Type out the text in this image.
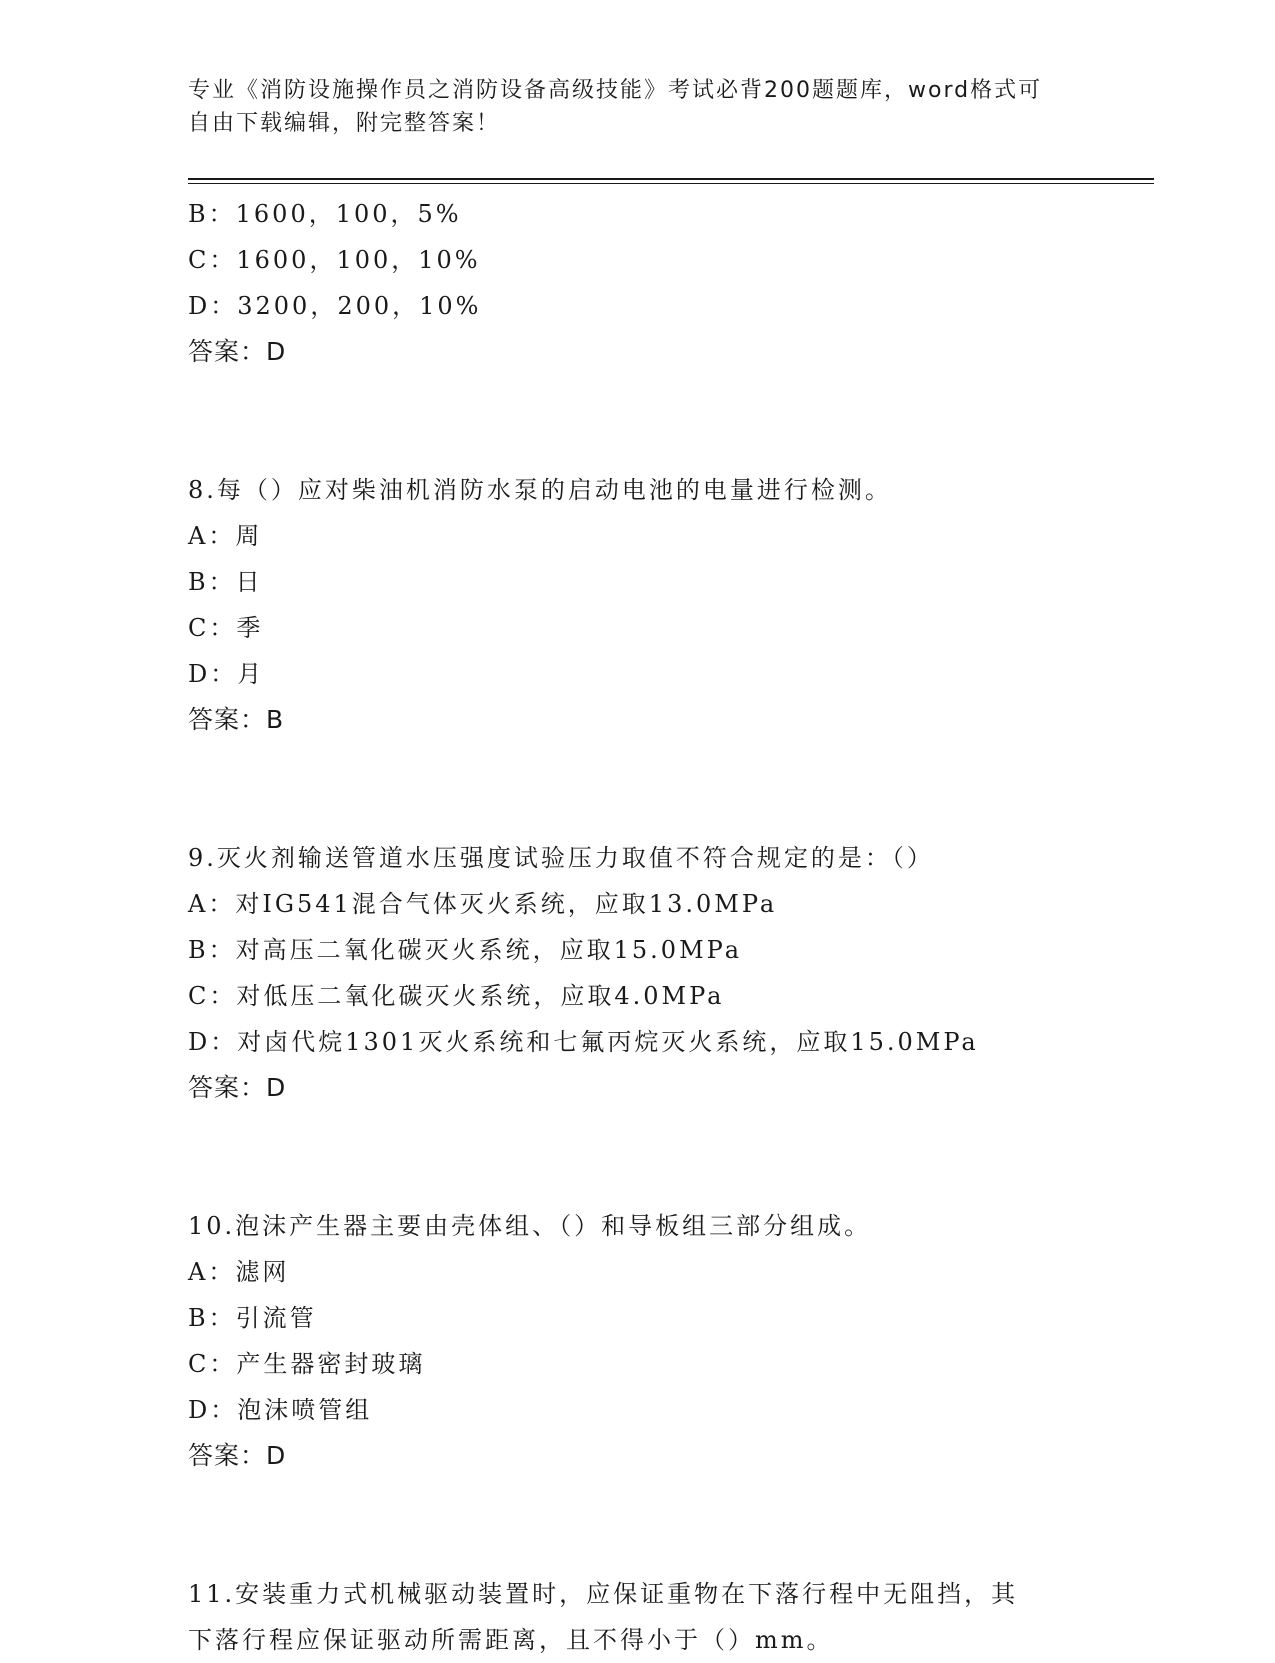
专业《消防设施操作员之消防设备高级技能》考试必背200题题库，word格式可
自由下载编辑，附完整答案！
B：1600，100，5%
C：1600，100，10%
D：3200，200，10%
答案：D
8.每（）应对柴油机消防水泵的启动电池的电量进行检测。
A：周
B：日
C：季
D：月
答案：B
9.灭火剂输送管道水压强度试验压力取值不符合规定的是：（）
A：对IG541混合气体灭火系统，应取13.0MPa
B：对高压二氧化碳灭火系统，应取15.0MPa
C：对低压二氧化碳灭火系统，应取4.0MPa
D：对卤代烷1301灭火系统和七氟丙烷灭火系统，应取15.0MPa
答案：D
10.泡沫产生器主要由壳体组、（）和导板组三部分组成。
A：滤网
B：引流管
C：产生器密封玻璃
D：泡沫喷管组
答案：D
11.安装重力式机械驱动装置时，应保证重物在下落行程中无阻挡，其
下落行程应保证驱动所需距离，且不得小于（）mm。
